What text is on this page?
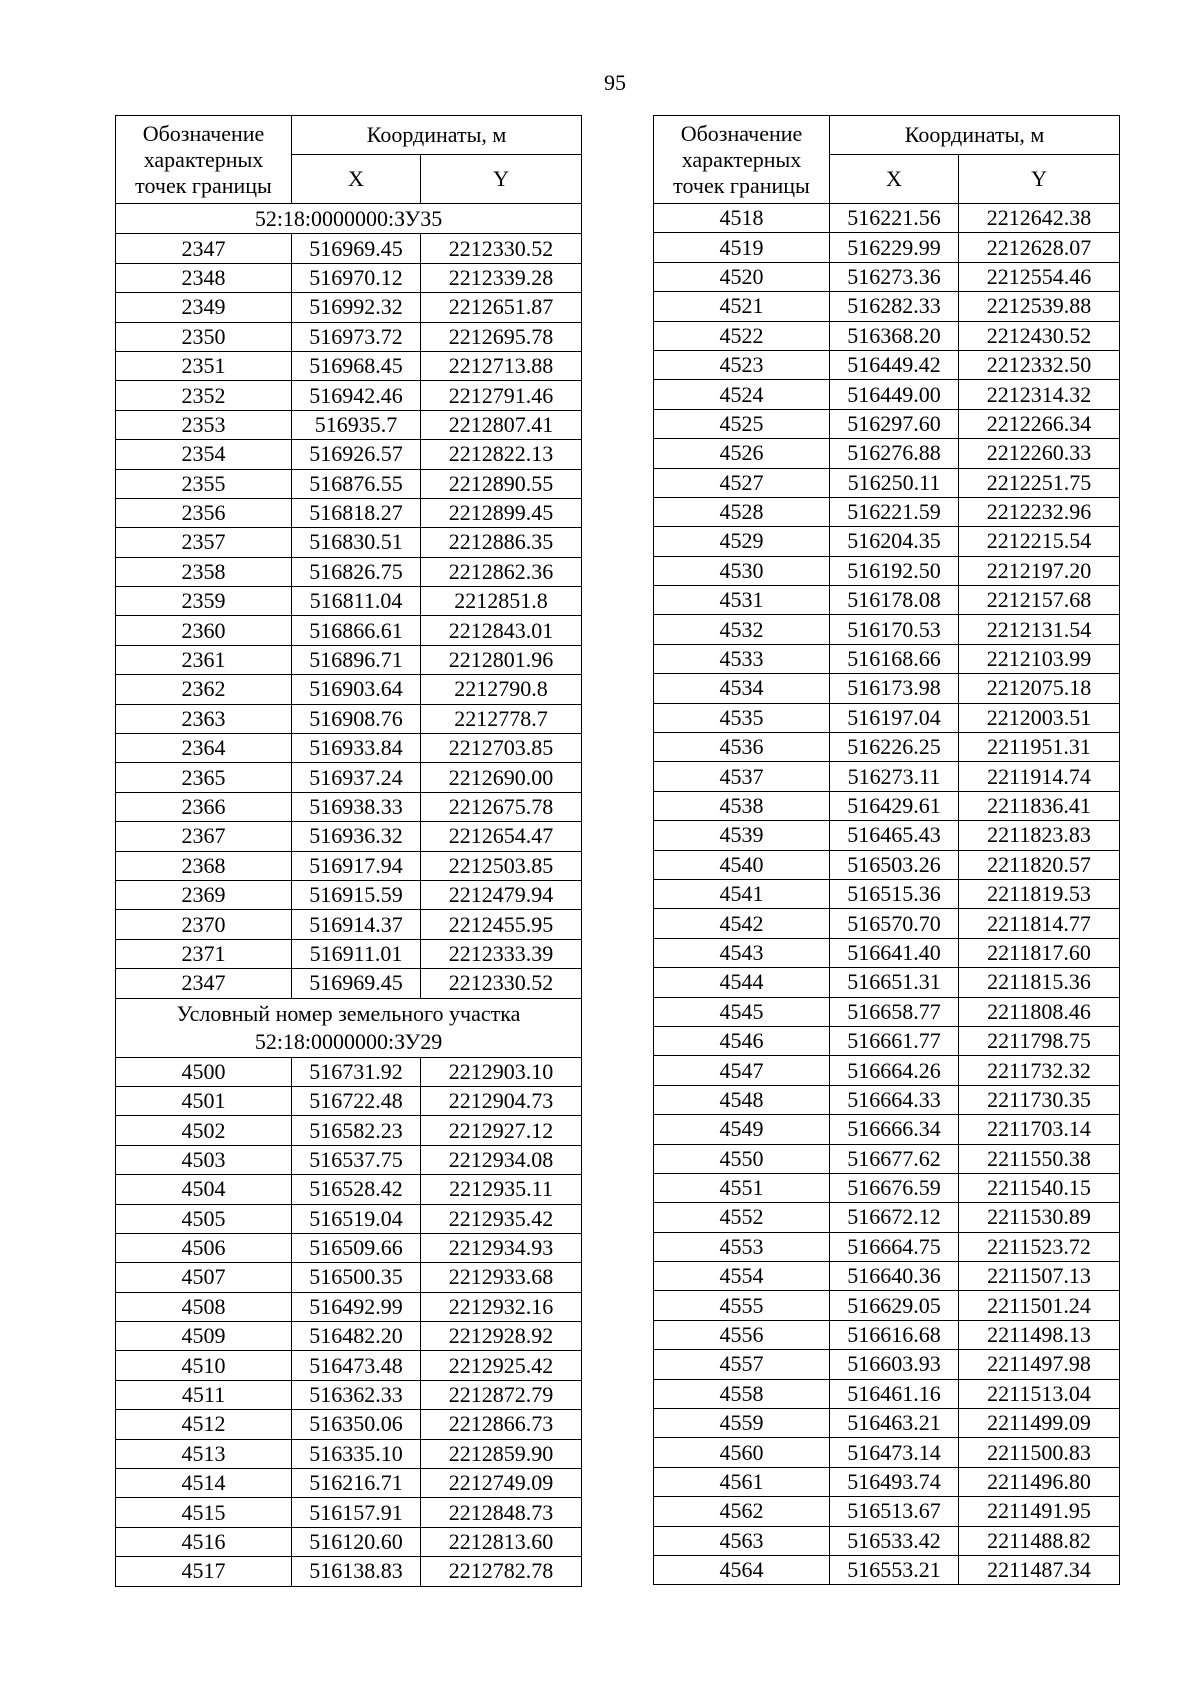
95
Обозначение характерных точек границы	Координаты, м	
	X	Y
52:18:0000000:ЗУ35		
2347	516969.45	2212330.52
2348	516970.12	2212339.28
2349	516992.32	2212651.87
2350	516973.72	2212695.78
2351	516968.45	2212713.88
2352	516942.46	2212791.46
2353	516935.7	2212807.41
2354	516926.57	2212822.13
2355	516876.55	2212890.55
2356	516818.27	2212899.45
2357	516830.51	2212886.35
2358	516826.75	2212862.36
2359	516811.04	2212851.8
2360	516866.61	2212843.01
2361	516896.71	2212801.96
2362	516903.64	2212790.8
2363	516908.76	2212778.7
2364	516933.84	2212703.85
2365	516937.24	2212690.00
2366	516938.33	2212675.78
2367	516936.32	2212654.47
2368	516917.94	2212503.85
2369	516915.59	2212479.94
2370	516914.37	2212455.95
2371	516911.01	2212333.39
2347	516969.45	2212330.52
Условный номер земельного участка 52:18:0000000:ЗУ29		
4500	516731.92	2212903.10
4501	516722.48	2212904.73
4502	516582.23	2212927.12
4503	516537.75	2212934.08
4504	516528.42	2212935.11
4505	516519.04	2212935.42
4506	516509.66	2212934.93
4507	516500.35	2212933.68
4508	516492.99	2212932.16
4509	516482.20	2212928.92
4510	516473.48	2212925.42
4511	516362.33	2212872.79
4512	516350.06	2212866.73
4513	516335.10	2212859.90
4514	516216.71	2212749.09
4515	516157.91	2212848.73
4516	516120.60	2212813.60
4517	516138.83	2212782.78
Обозначение характерных точек границы	Координаты, м	
	X	Y
4518	516221.56	2212642.38
4519	516229.99	2212628.07
4520	516273.36	2212554.46
4521	516282.33	2212539.88
4522	516368.20	2212430.52
4523	516449.42	2212332.50
4524	516449.00	2212314.32
4525	516297.60	2212266.34
4526	516276.88	2212260.33
4527	516250.11	2212251.75
4528	516221.59	2212232.96
4529	516204.35	2212215.54
4530	516192.50	2212197.20
4531	516178.08	2212157.68
4532	516170.53	2212131.54
4533	516168.66	2212103.99
4534	516173.98	2212075.18
4535	516197.04	2212003.51
4536	516226.25	2211951.31
4537	516273.11	2211914.74
4538	516429.61	2211836.41
4539	516465.43	2211823.83
4540	516503.26	2211820.57
4541	516515.36	2211819.53
4542	516570.70	2211814.77
4543	516641.40	2211817.60
4544	516651.31	2211815.36
4545	516658.77	2211808.46
4546	516661.77	2211798.75
4547	516664.26	2211732.32
4548	516664.33	2211730.35
4549	516666.34	2211703.14
4550	516677.62	2211550.38
4551	516676.59	2211540.15
4552	516672.12	2211530.89
4553	516664.75	2211523.72
4554	516640.36	2211507.13
4555	516629.05	2211501.24
4556	516616.68	2211498.13
4557	516603.93	2211497.98
4558	516461.16	2211513.04
4559	516463.21	2211499.09
4560	516473.14	2211500.83
4561	516493.74	2211496.80
4562	516513.67	2211491.95
4563	516533.42	2211488.82
4564	516553.21	2211487.34
